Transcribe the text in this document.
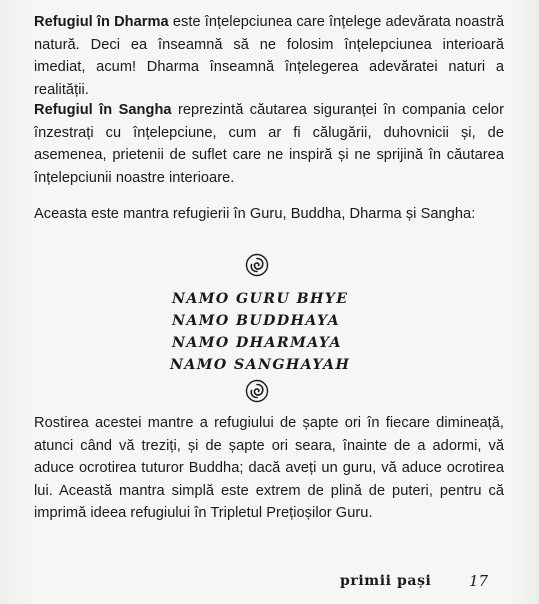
Refugiul în Dharma este înțelepciunea care înțelege adevărata noastră natură. Deci ea înseamnă să ne folosim înțelepciunea interioară imediat, acum! Dharma înseamnă înțelegerea adevăratei naturi a realității.

Refugiul în Sangha reprezintă căutarea siguranței în compania celor înzestrați cu înțelepciune, cum ar fi călugării, duhovnicii și, de asemenea, prietenii de suflet care ne inspiră și ne sprijină în căutarea înțelepciunii noastre interioare.

Aceasta este mantra refugierii în Guru, Buddha, Dharma și Sangha:

NAMO GURU BHYE
NAMO BUDDHAYA
NAMO DHARMAYA
NAMO SANGHAYAH

Rostirea acestei mantre a refugiului de șapte ori în fiecare dimineață, atunci când vă treziți, și de șapte ori seara, înainte de a adormi, vă aduce ocrotirea tuturor Buddha; dacă aveți un guru, vă aduce ocrotirea lui. Această mantra simplă este extrem de plină de puteri, pentru că imprimă ideea refugiului în Tripletul Prețioșilor Guru.

primii pași	17
